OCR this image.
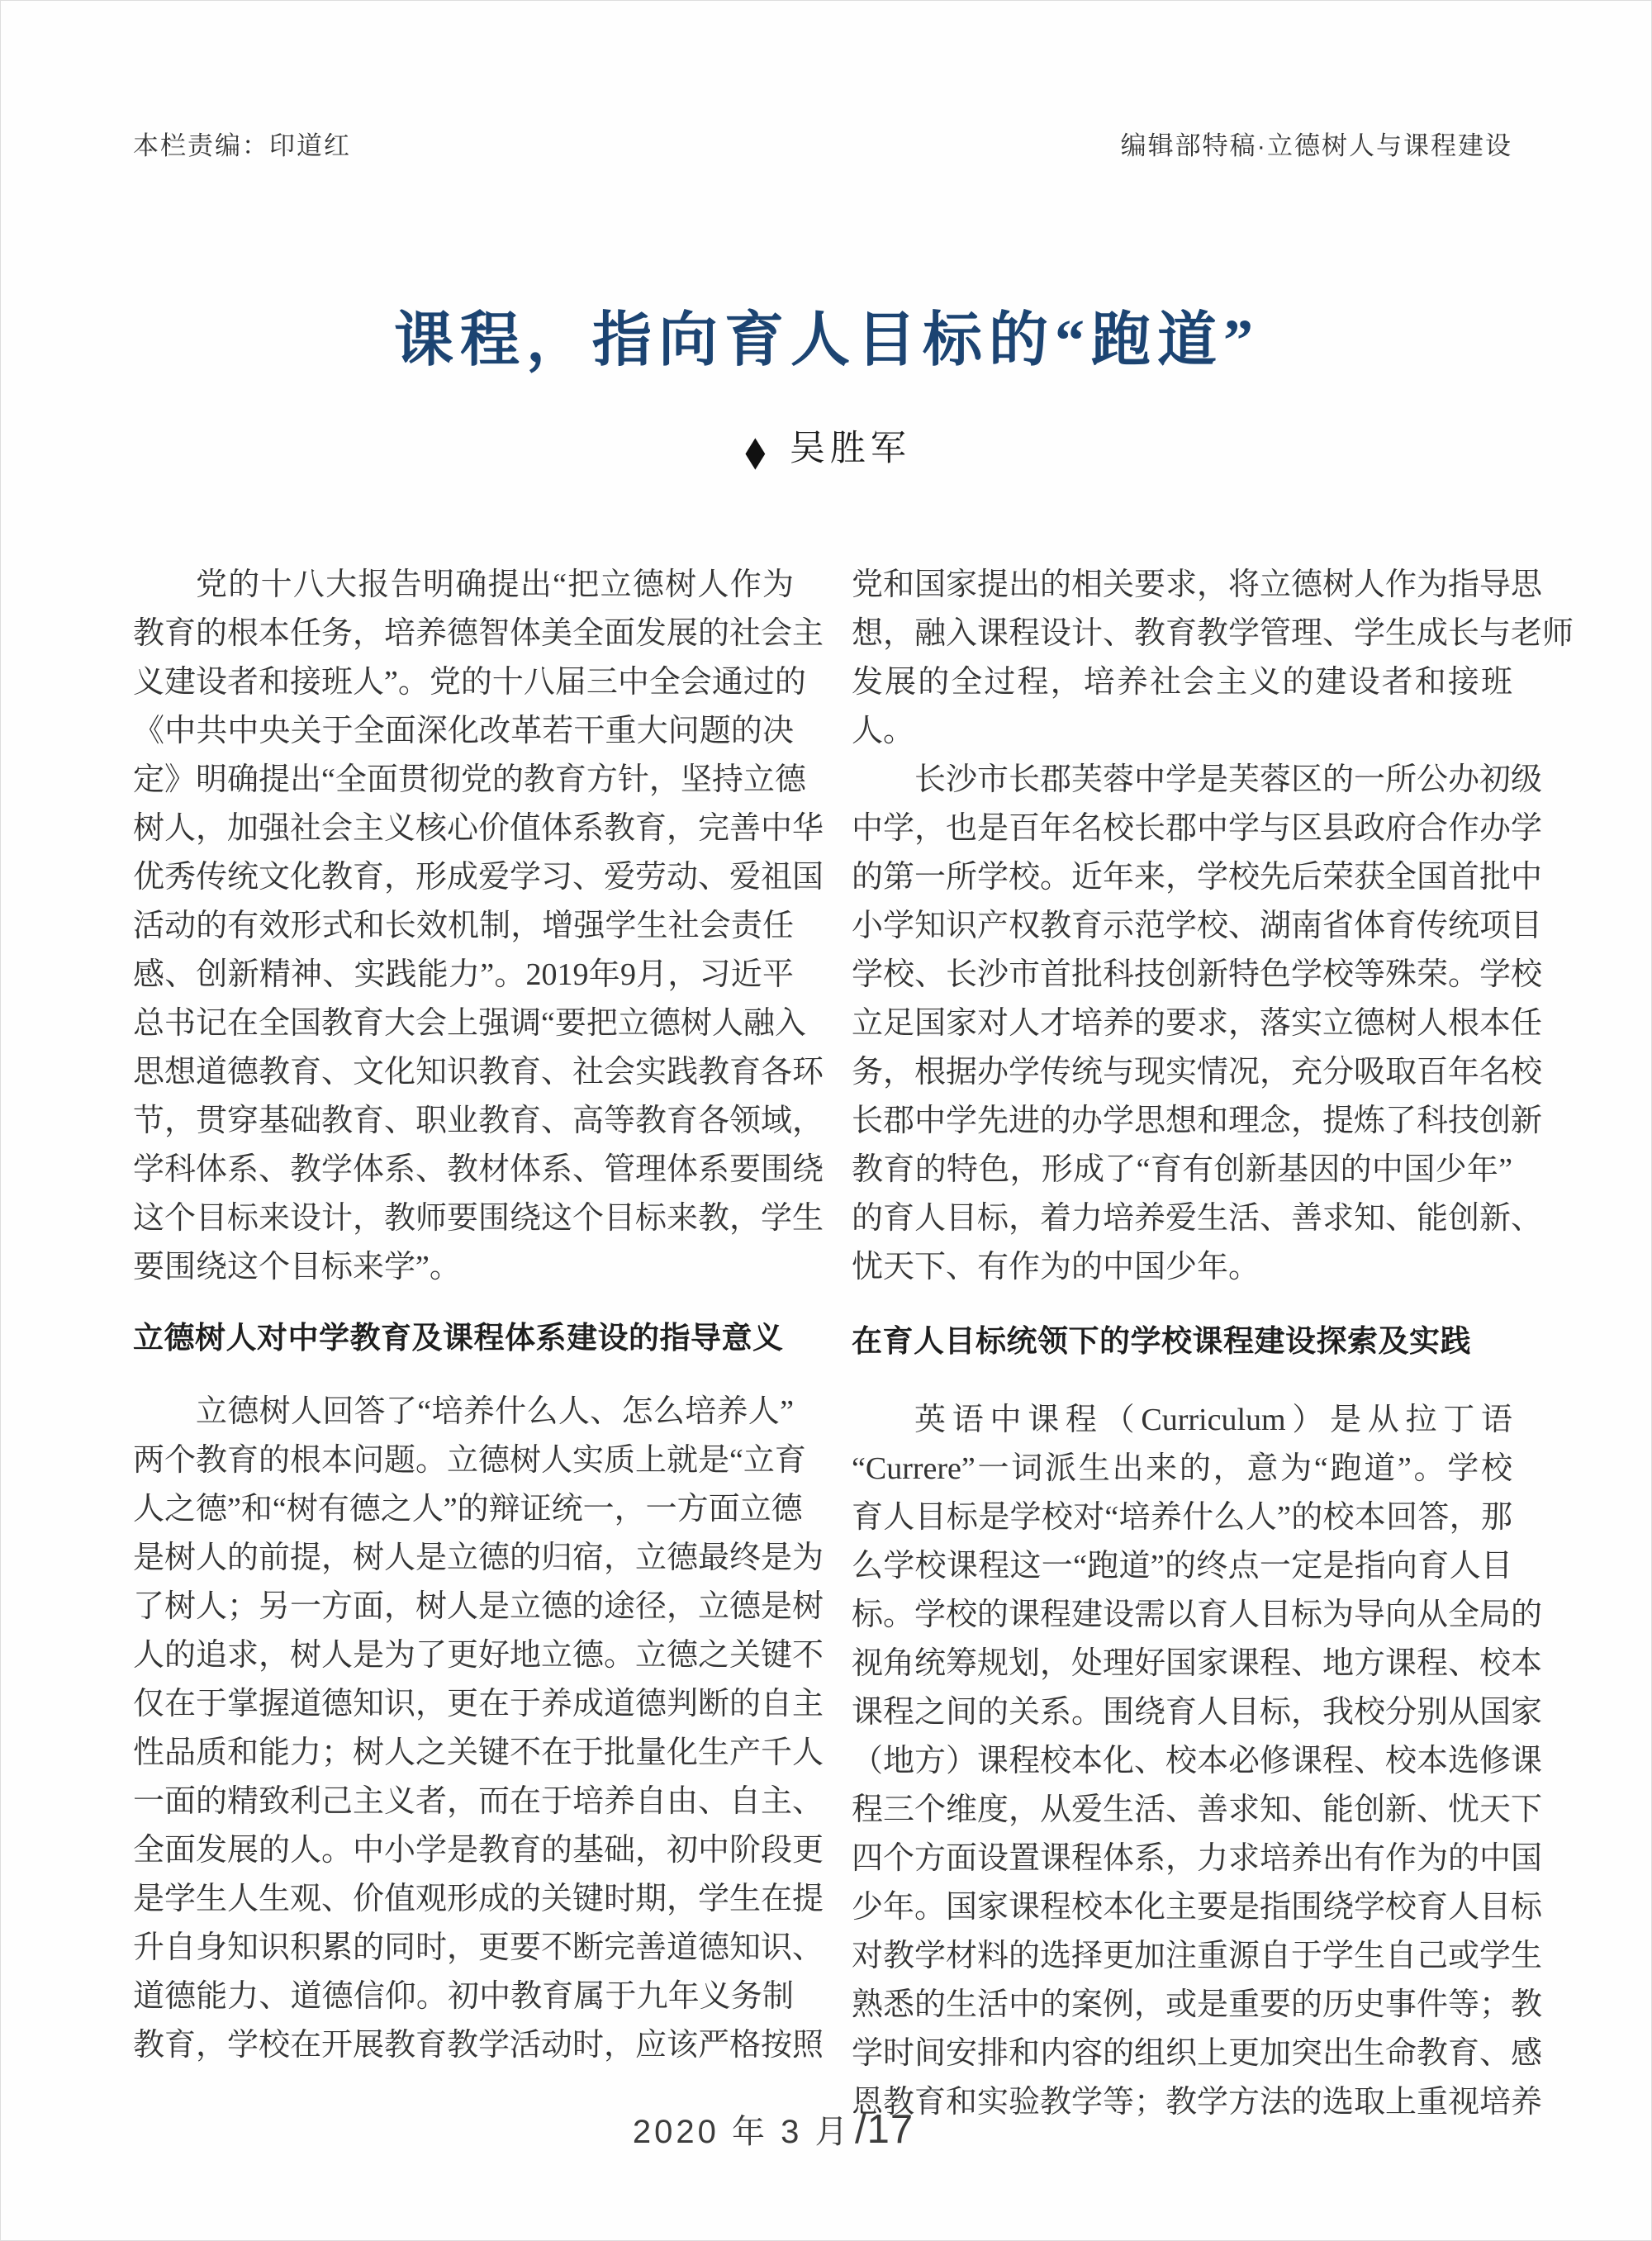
本栏责编：印道红	编辑部特稿·立德树人与课程建设
课程，指向育人目标的“跑道”
◆ 吴胜军
党的十八大报告明确提出“把立德树人作为
教育的根本任务，培养德智体美全面发展的社会主
义建设者和接班人”。党的十八届三中全会通过的
《中共中央关于全面深化改革若干重大问题的决
定》明确提出“全面贯彻党的教育方针，坚持立德
树人，加强社会主义核心价值体系教育，完善中华
优秀传统文化教育，形成爱学习、爱劳动、爱祖国
活动的有效形式和长效机制，增强学生社会责任
感、创新精神、实践能力”。2019年9月，习近平
总书记在全国教育大会上强调“要把立德树人融入
思想道德教育、文化知识教育、社会实践教育各环
节，贯穿基础教育、职业教育、高等教育各领域，
学科体系、教学体系、教材体系、管理体系要围绕
这个目标来设计，教师要围绕这个目标来教，学生
要围绕这个目标来学”。
立德树人对中学教育及课程体系建设的指导意义
立德树人回答了“培养什么人、怎么培养人”
两个教育的根本问题。立德树人实质上就是“立育
人之德”和“树有德之人”的辩证统一，一方面立德
是树人的前提，树人是立德的归宿，立德最终是为
了树人；另一方面，树人是立德的途径，立德是树
人的追求，树人是为了更好地立德。立德之关键不
仅在于掌握道德知识，更在于养成道德判断的自主
性品质和能力；树人之关键不在于批量化生产千人
一面的精致利己主义者，而在于培养自由、自主、
全面发展的人。中小学是教育的基础，初中阶段更
是学生人生观、价值观形成的关键时期，学生在提
升自身知识积累的同时，更要不断完善道德知识、
道德能力、道德信仰。初中教育属于九年义务制
教育，学校在开展教育教学活动时，应该严格按照
党和国家提出的相关要求，将立德树人作为指导思
想，融入课程设计、教育教学管理、学生成长与老师
发展的全过程，培养社会主义的建设者和接班人。
长沙市长郡芙蓉中学是芙蓉区的一所公办初级
中学，也是百年名校长郡中学与区县政府合作办学
的第一所学校。近年来，学校先后荣获全国首批中
小学知识产权教育示范学校、湖南省体育传统项目
学校、长沙市首批科技创新特色学校等殊荣。学校
立足国家对人才培养的要求，落实立德树人根本任
务，根据办学传统与现实情况，充分吸取百年名校
长郡中学先进的办学思想和理念，提炼了科技创新
教育的特色，形成了“育有创新基因的中国少年”
的育人目标，着力培养爱生活、善求知、能创新、
忧天下、有作为的中国少年。
在育人目标统领下的学校课程建设探索及实践
英语中课程（Curriculum）是从拉丁语
“Currere”一词派生出来的，意为“跑道”。学校
育人目标是学校对“培养什么人”的校本回答，那
么学校课程这一“跑道”的终点一定是指向育人目
标。学校的课程建设需以育人目标为导向从全局的
视角统筹规划，处理好国家课程、地方课程、校本
课程之间的关系。围绕育人目标，我校分别从国家
（地方）课程校本化、校本必修课程、校本选修课
程三个维度，从爱生活、善求知、能创新、忧天下
四个方面设置课程体系，力求培养出有作为的中国
少年。国家课程校本化主要是指围绕学校育人目标
对教学材料的选择更加注重源自于学生自己或学生
熟悉的生活中的案例，或是重要的历史事件等；教
学时间安排和内容的组织上更加突出生命教育、感
恩教育和实验教学等；教学方法的选取上重视培养
2020 年 3 月 /17
